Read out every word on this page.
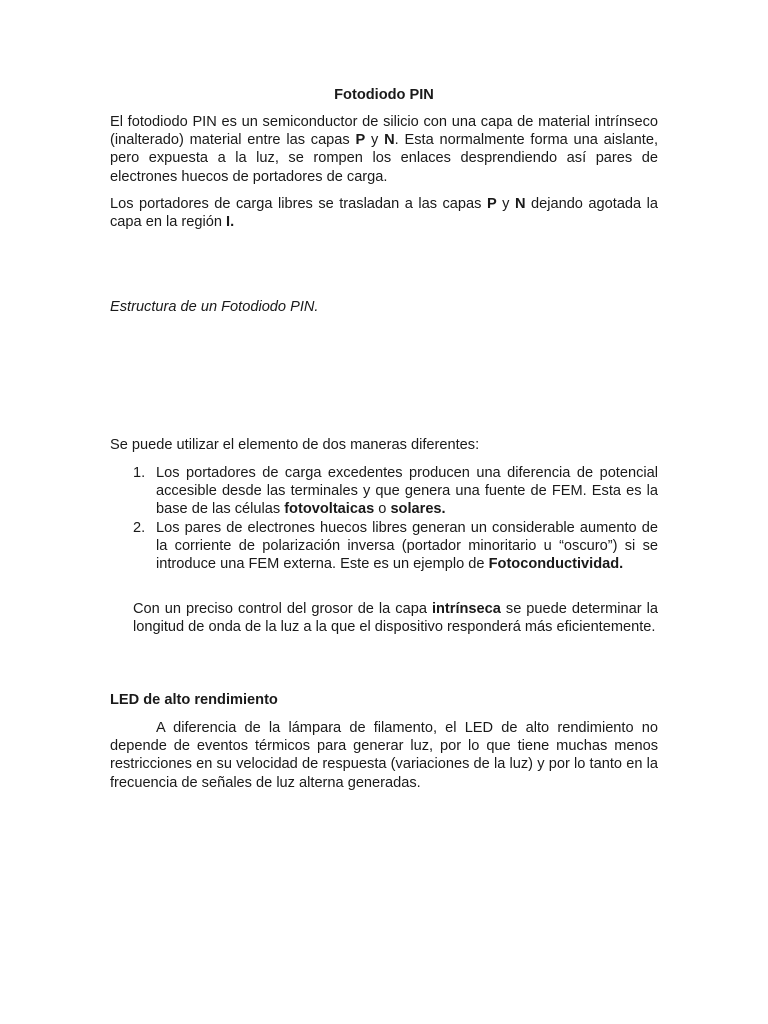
Fotodiodo PIN

El fotodiodo PIN es un semiconductor de silicio con una capa de material intrínseco (inalterado) material entre las capas P y N. Esta normalmente forma una aislante, pero expuesta a la luz, se rompen los enlaces desprendiendo así pares de electrones huecos de portadores de carga.

Los portadores de carga libres se trasladan a las capas P y N dejando agotada la capa en la región I.

Estructura de un Fotodiodo PIN.

Se puede utilizar el elemento de dos maneras diferentes:

1. Los portadores de carga excedentes producen una diferencia de potencial accesible desde las terminales y que genera una fuente de FEM. Esta es la base de las células fotovoltaicas o solares.
2. Los pares de electrones huecos libres generan un considerable aumento de la corriente de polarización inversa (portador minoritario u “oscuro”) si se introduce una FEM externa. Este es un ejemplo de Fotoconductividad.

Con un preciso control del grosor de la capa intrínseca se puede determinar la longitud de onda de la luz a la que el dispositivo responderá más eficientemente.

LED de alto rendimiento

A diferencia de la lámpara de filamento, el LED de alto rendimiento no depende de eventos térmicos para generar luz, por lo que tiene muchas menos restricciones en su velocidad de respuesta (variaciones de la luz) y por lo tanto en la frecuencia de señales de luz alterna generadas.
